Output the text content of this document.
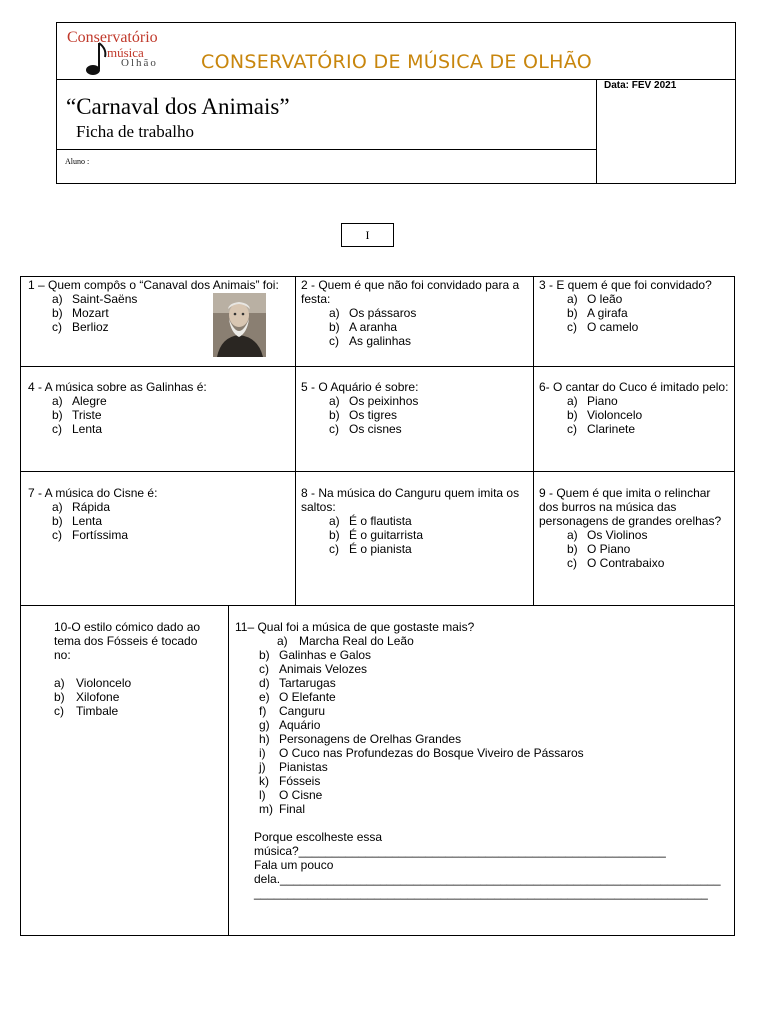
Conservatório
música
Olhão CONSERVATÓRIO DE MÚSICA DE OLHÃO
“Carnaval dos Animais”
Ficha de trabalho
Data: FEV 2021
Aluno :
I

1 – Quem compôs o “Canaval dos Animais” foi:

a) Saint-Saëns
b) Mozart
c) Berlioz

2 - Quem é que não foi convidado para a festa:

a) Os pássaros
b) A aranha
c) As galinhas

3 - E quem é que foi convidado?

a) O leão
b) A girafa
c) O camelo

4 - A música sobre as Galinhas é:

a) Alegre
b) Triste
c) Lenta

5 - O Aquário é sobre:

a) Os peixinhos
b) Os tigres
c) Os cisnes

6- O cantar do Cuco é imitado pelo:

a) Piano
b) Violoncelo
c) Clarinete

7 - A música do Cisne é:

a) Rápida
b) Lenta
c) Fortíssima

8 - Na música do Canguru quem imita os saltos:

a) É o flautista
b) É o guitarrista
c) É o pianista

9 - Quem é que imita o relinchar dos burros na música das personagens de grandes orelhas?

a) Os Violinos
b) O Piano
c) O Contrabaixo

10-O estilo cómico dado ao tema dos Fósseis é tocado no:

a) Violoncelo
b) Xilofone
c) Timbale

11– Qual foi a música de que gostaste mais?

a) Marcha Real do Leão
b) Galinhas e Galos
c) Animais Velozes
d) Tartarugas
e) O Elefante
f) Canguru
g) Aquário
h) Personagens de Orelhas Grandes
i) O Cuco nas Profundezas do Bosque Viveiro de Pássaros
j) Pianistas
k) Fósseis
l) O Cisne
m) Final
Porque escolheste essa
música?_______________________________________________________
Fala um pouco
dela.__________________________________________________________________
____________________________________________________________________
